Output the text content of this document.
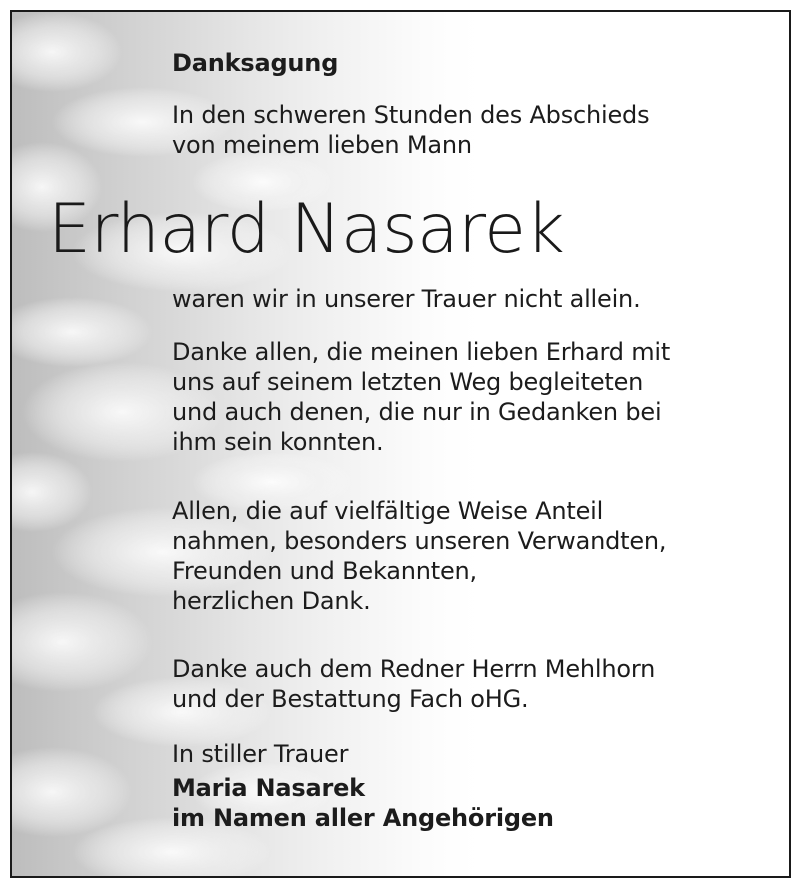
Danksagung

In den schweren Stunden des Abschieds
von meinem lieben Mann

Erhard Nasarek

waren wir in unserer Trauer nicht allein.

Danke allen, die meinen lieben Erhard mit
uns auf seinem letzten Weg begleiteten
und auch denen, die nur in Gedanken bei
ihm sein konnten.

Allen, die auf vielfältige Weise Anteil
nahmen, besonders unseren Verwandten,
Freunden und Bekannten,
herzlichen Dank.

Danke auch dem Redner Herrn Mehlhorn
und der Bestattung Fach oHG.

In stiller Trauer

Maria Nasarek
im Namen aller Angehörigen
